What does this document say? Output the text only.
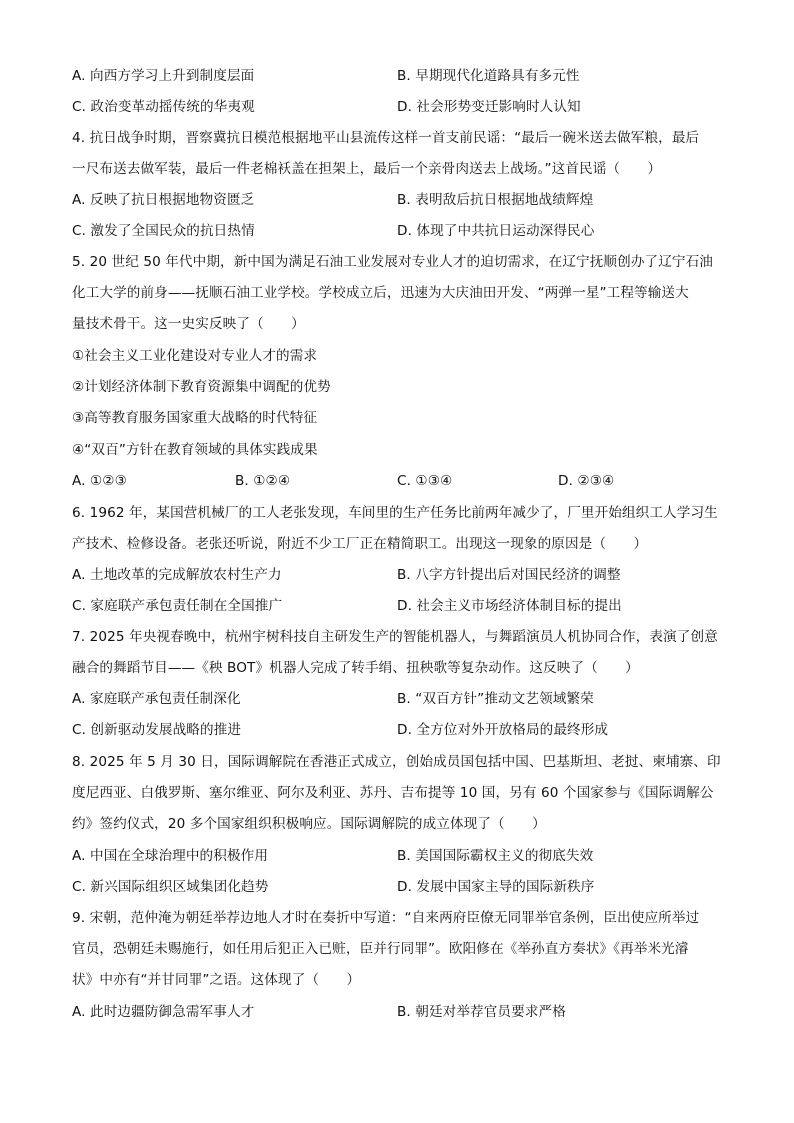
A. 向西方学习上升到制度层面	B. 早期现代化道路具有多元性
C. 政治变革动摇传统的华夷观	D. 社会形势变迁影响时人认知
4. 抗日战争时期，晋察冀抗日模范根据地平山县流传这样一首支前民谣：“最后一碗米送去做军粮，最后
一尺布送去做军装，最后一件老棉袄盖在担架上，最后一个亲骨肉送去上战场。”这首民谣（　　）
A. 反映了抗日根据地物资匮乏	B. 表明敌后抗日根据地战绩辉煌
C. 激发了全国民众的抗日热情	D. 体现了中共抗日运动深得民心
5. 20 世纪 50 年代中期，新中国为满足石油工业发展对专业人才的迫切需求，在辽宁抚顺创办了辽宁石油
化工大学的前身——抚顺石油工业学校。学校成立后，迅速为大庆油田开发、“两弹一星”工程等输送大
量技术骨干。这一史实反映了（　　）
①社会主义工业化建设对专业人才的需求
②计划经济体制下教育资源集中调配的优势
③高等教育服务国家重大战略的时代特征
④“双百”方针在教育领域的具体实践成果
A. ①②③	B. ①②④	C. ①③④	D. ②③④
6. 1962 年，某国营机械厂的工人老张发现，车间里的生产任务比前两年减少了，厂里开始组织工人学习生
产技术、检修设备。老张还听说，附近不少工厂正在精简职工。出现这一现象的原因是（　　）
A. 土地改革的完成解放农村生产力	B. 八字方针提出后对国民经济的调整
C. 家庭联产承包责任制在全国推广	D. 社会主义市场经济体制目标的提出
7. 2025 年央视春晚中，杭州宇树科技自主研发生产的智能机器人，与舞蹈演员人机协同合作，表演了创意
融合的舞蹈节目——《秧 BOT》机器人完成了转手绢、扭秧歌等复杂动作。这反映了（　　）
A. 家庭联产承包责任制深化	B. “双百方针”推动文艺领域繁荣
C. 创新驱动发展战略的推进	D. 全方位对外开放格局的最终形成
8. 2025 年 5 月 30 日，国际调解院在香港正式成立，创始成员国包括中国、巴基斯坦、老挝、柬埔寨、印
度尼西亚、白俄罗斯、塞尔维亚、阿尔及利亚、苏丹、吉布提等 10 国，另有 60 个国家参与《国际调解公
约》签约仪式，20 多个国家组织积极响应。国际调解院的成立体现了（　　）
A. 中国在全球治理中的积极作用	B. 美国国际霸权主义的彻底失效
C. 新兴国际组织区域集团化趋势	D. 发展中国家主导的国际新秩序
9. 宋朝，范仲淹为朝廷举荐边地人才时在奏折中写道：“自来两府臣僚无同罪举官条例，臣出使应所举过
官员，恐朝廷未赐施行，如任用后犯正入已赃，臣并行同罪”。欧阳修在《举孙直方奏状》《再举米光濬
状》中亦有“并甘同罪”之语。这体现了（　　）
A. 此时边疆防御急需军事人才	B. 朝廷对举荐官员要求严格
